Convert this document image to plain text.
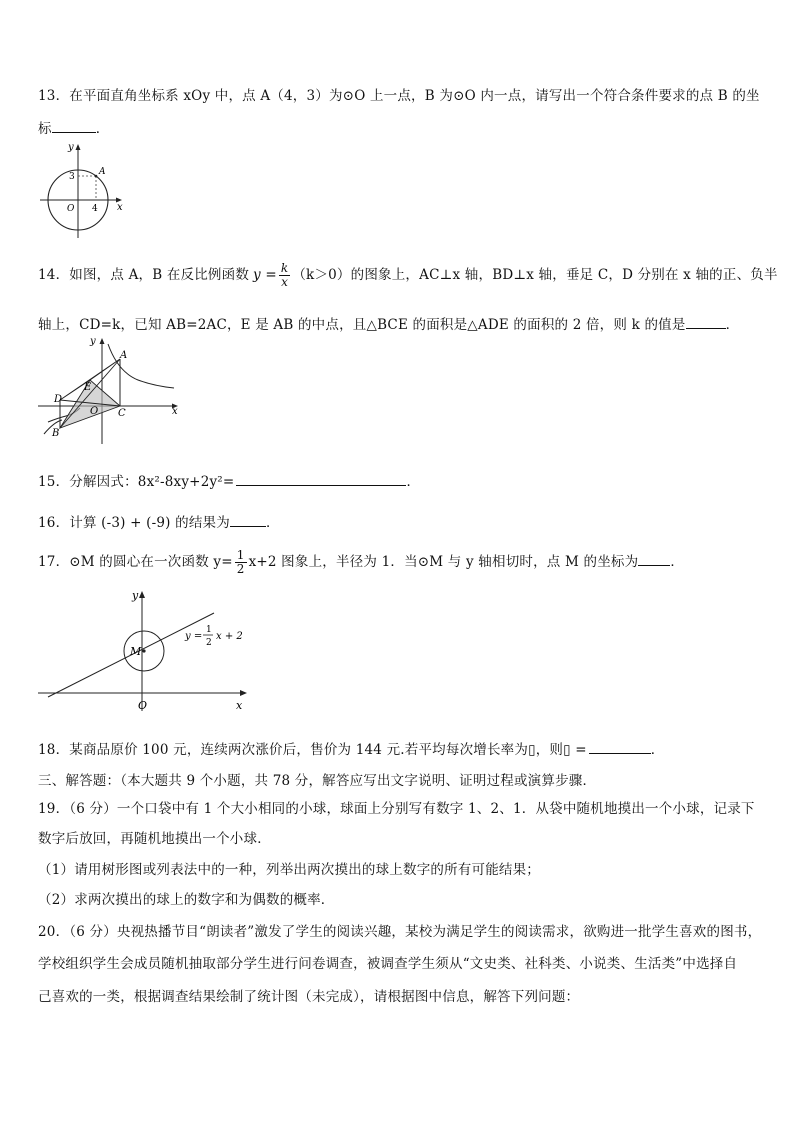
13．在平面直角坐标系 xOy 中，点 A（4，3）为⊙O 上一点，B 为⊙O 内一点，请写出一个符合条件要求的点 B 的坐
标	．
y
3	A
O 4 x
14．如图，点 A，B 在反比例函数 $y = \frac{k}{x} (k>0)$的图象上，AC⊥x 轴，BD⊥x 轴，垂足 C，D 分别在 x 轴的正、负半
轴上，CD=k，已知 AB=2AC，E 是 AB 的中点，且△BCE 的面积是△ADE 的面积的 2 倍，则 k 的值是	．
y
A
E
D
O C
B
x
15．分解因式：8x²-8xy+2y²=	．
16．计算 (-3) + (-9) 的结果为	．
17．⊙M 的圆心在一次函数 $y= \frac{1}{2} x+2$ 图象上，半径为 1．当⊙M 与 y 轴相切时，点 M 的坐标为 ．
y
M
y =
1
2
x + 2
O	x
18．某商品原价 100 元，连续两次涨价后，售价为 144 元.若平均每次增长率为▯，则▯ =	．
三、解答题：（本大题共 9 个小题，共 78 分，解答应写出文字说明、证明过程或演算步骤．
19．（6 分）一个口袋中有 1 个大小相同的小球，球面上分别写有数字 1、2、1．从袋中随机地摸出一个小球，记录下
数字后放回，再随机地摸出一个小球．
（1）请用树形图或列表法中的一种，列举出两次摸出的球上数字的所有可能结果；
（2）求两次摸出的球上的数字和为偶数的概率．
20．（6 分）央视热播节目“朗读者”激发了学生的阅读兴趣，某校为满足学生的阅读需求，欲购进一批学生喜欢的图书，
学校组织学生会成员随机抽取部分学生进行问卷调查，被调查学生须从“文史类、社科类、小说类、生活类”中选择自
己喜欢的一类，根据调查结果绘制了统计图（未完成），请根据图中信息，解答下列问题：
